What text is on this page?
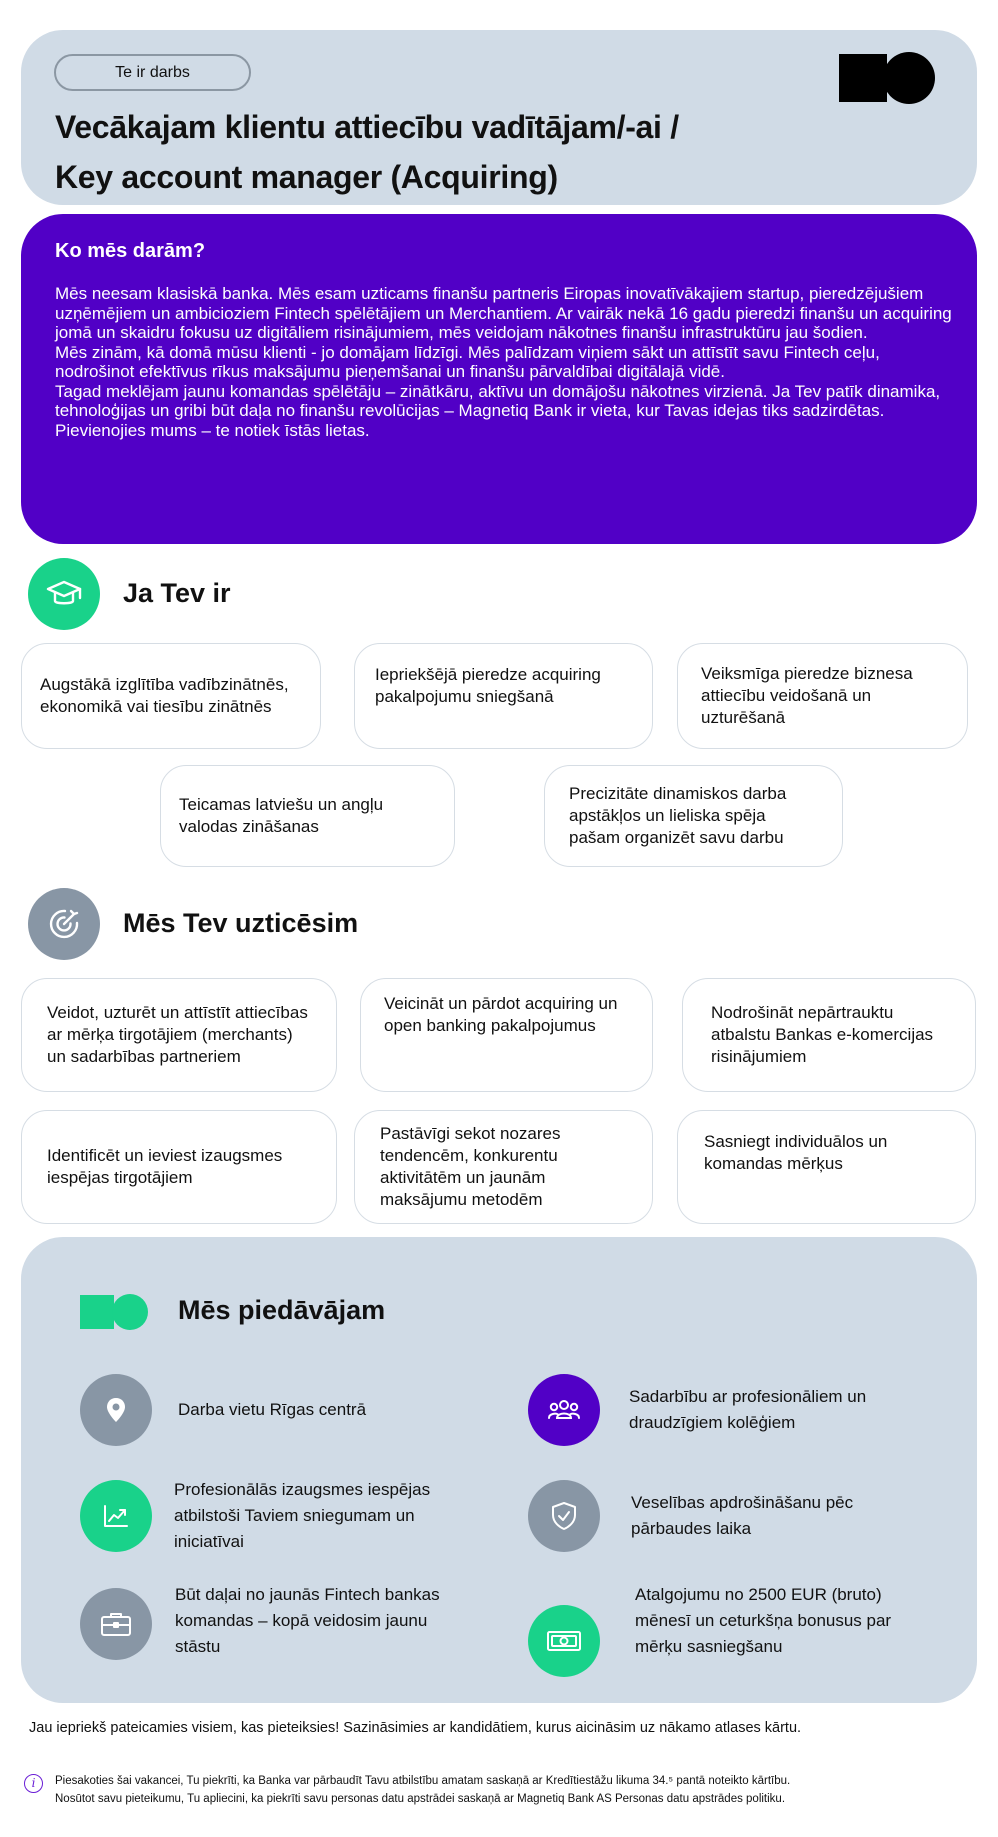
Te ir darbs
Vecākajam klientu attiecību vadītājam/-ai /
Key account manager (Acquiring)
Ko mēs darām?
Mēs neesam klasiskā banka. Mēs esam uzticams finanšu partneris Eiropas inovatīvākajiem startup, pieredzējušiem uzņēmējiem un ambicioziem Fintech spēlētājiem un Merchantiem. Ar vairāk nekā 16 gadu pieredzi finanšu un acquiring jomā un skaidru fokusu uz digitāliem risinājumiem, mēs veidojam nākotnes finanšu infrastruktūru jau šodien.
Mēs zinām, kā domā mūsu klienti - jo domājam līdzīgi. Mēs palīdzam viņiem sākt un attīstīt savu Fintech ceļu, nodrošinot efektīvus rīkus maksājumu pieņemšanai un finanšu pārvaldībai digitālajā vidē.
Tagad meklējam jaunu komandas spēlētāju – zinātkāru, aktīvu un domājošu nākotnes virzienā. Ja Tev patīk dinamika, tehnoloģijas un gribi būt daļa no finanšu revolūcijas – Magnetiq Bank ir vieta, kur Tavas idejas tiks sadzirdētas.
Pievienojies mums – te notiek īstās lietas.
Ja Tev ir
Augstākā izglītība vadībzinātnēs, ekonomikā vai tiesību zinātnēs
Iepriekšējā pieredze acquiring pakalpojumu sniegšanā
Veiksmīga pieredze biznesa attiecību veidošanā un uzturēšanā
Teicamas latviešu un angļu valodas zināšanas
Precizitāte dinamiskos darba apstākļos un lieliska spēja pašam organizēt savu darbu
Mēs Tev uzticēsim
Veidot, uzturēt un attīstīt attiecības ar mērķa tirgotājiem (merchants) un sadarbības partneriem
Veicināt un pārdot acquiring un open banking pakalpojumus
Nodrošināt nepārtrauktu atbalstu Bankas e-komercijas risinājumiem
Identificēt un ieviest izaugsmes iespējas tirgotājiem
Pastāvīgi sekot nozares tendencēm, konkurentu aktivitātēm un jaunām maksājumu metodēm
Sasniegt individuālos un komandas mērķus
Mēs piedāvājam
Darba vietu Rīgas centrā
Sadarbību ar profesionāliem un draudzīgiem kolēģiem
Profesionālās izaugsmes iespējas atbilstoši Taviem sniegumam un iniciatīvai
Veselības apdrošināšanu pēc pārbaudes laika
Būt daļai no jaunās Fintech bankas komandas – kopā veidosim jaunu stāstu
Atalgojumu no 2500 EUR (bruto) mēnesī un ceturkšņa bonusus par mērķu sasniegšanu
Jau iepriekš pateicamies visiem, kas pieteiksies! Sazināsimies ar kandidātiem, kurus aicināsim uz nākamo atlases kārtu.
i	Piesakoties šai vakancei, Tu piekrīti, ka Banka var pārbaudīt Tavu atbilstību amatam saskaņā ar Kredītiestāžu likuma 34.⁵ pantā noteikto kārtību.
Nosūtot savu pieteikumu, Tu apliecini, ka piekrīti savu personas datu apstrādei saskaņā ar Magnetiq Bank AS Personas datu apstrādes politiku.
